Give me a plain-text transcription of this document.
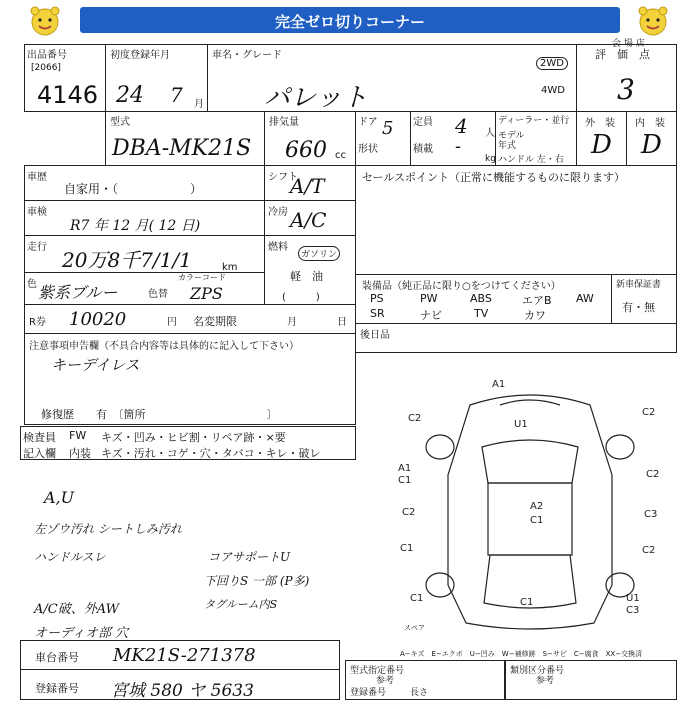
完全ゼロ切りコーナー
会 場 店
出品番号
[2066]
4146
初度登録年月
24 7 月
車名・グレード
パレット
2WD
4WD
評　価　点
3
型式
DBA-MK21S
排気量
660 cc
ドア 5
形状
定員 4 人
積載 -
kg
ディーラー・並行
モデル
年式
ハンドル 左・右
外　装
D
内　装
D
車歴
自家用・（　　　　　　）
車検
R7 年 12 月( 12 日)
走行
20万8千7/1/1	km
色 紫系ブルー	色替
カラーコード
ZPS
シフト
A/T
冷房 A/C
燃料
ガソリン
軽　油
(　　　)
セールスポイント（正常に機能するものに限ります）
装備品（純正品に限り○をつけてください）
PS	PW	ABS	エアB AW
SR	ナビ	TV	カワ
新車保証書
有・無
後日品
R券 10020	円 名変期限	月	日
注意事項申告欄（不具合内容等は具体的に記入して下さい）
キーデイレス
修復歴　　有　〔箇所　　　　　　　　　　　〕
検査員
記入欄
FW キズ・凹み・ヒビ割・リペア跡・×要
内装 キズ・汚れ・コゲ・穴・タバコ・キレ・破レ
A,U
左ゾウ汚れ シートしみ汚れ
ハンドルスレ	コアサポートU
下回りS 一部 (P多)
タグルーム内S
A/C破、外AW
オーディオ部 穴
A1
U1
C2
C2
A1
C1
C2
C2	C3
A2
C1
C1	C2
C1	C1	U1
C3
スペア
A−キズ　E−エクボ　U−凹み　W−補修跡　S−サビ　C−腐食　XX−交換済
車台番号 MK21S-271378
登録番号 宮城 580 ヤ 5633
型式指定番号
参考
登録番号	長さ
類別区分番号
参考
